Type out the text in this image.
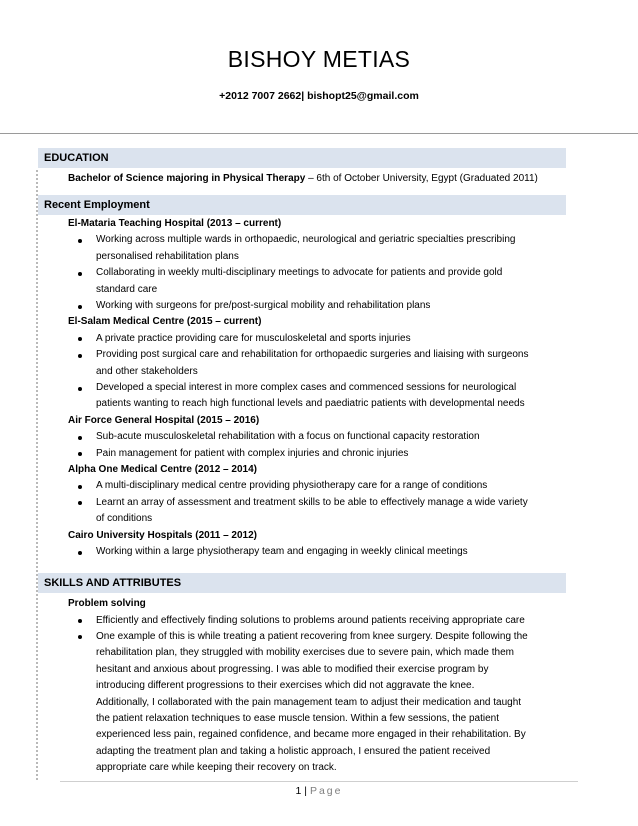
BISHOY METIAS
+2012 7007 2662| bishopt25@gmail.com
EDUCATION
Bachelor of Science majoring in Physical Therapy – 6th of October University, Egypt (Graduated 2011)
Recent Employment
El-Mataria Teaching Hospital (2013 – current)
Working across multiple wards in orthopaedic, neurological and geriatric specialties prescribing
personalised rehabilitation plans
Collaborating in weekly multi-disciplinary meetings to advocate for patients and provide gold
standard care
Working with surgeons for pre/post-surgical mobility and rehabilitation plans
El-Salam Medical Centre (2015 – current)
A private practice providing care for musculoskeletal and sports injuries
Providing post surgical care and rehabilitation for orthopaedic surgeries and liaising with surgeons
and other stakeholders
Developed a special interest in more complex cases and commenced sessions for neurological
patients wanting to reach high functional levels and paediatric patients with developmental needs
Air Force General Hospital (2015 – 2016)
Sub-acute musculoskeletal rehabilitation with a focus on functional capacity restoration
Pain management for patient with complex injuries and chronic injuries
Alpha One Medical Centre (2012 – 2014)
A multi-disciplinary medical centre providing physiotherapy care for a range of conditions
Learnt an array of assessment and treatment skills to be able to effectively manage a wide variety
of conditions
Cairo University Hospitals (2011 – 2012)
Working within a large physiotherapy team and engaging in weekly clinical meetings
SKILLS AND ATTRIBUTES
Problem solving
Efficiently and effectively finding solutions to problems around patients receiving appropriate care
One example of this is while treating a patient recovering from knee surgery. Despite following the
rehabilitation plan, they struggled with mobility exercises due to severe pain, which made them
hesitant and anxious about progressing. I was able to modified their exercise program by
introducing different progressions to their exercises which did not aggravate the knee.
Additionally, I collaborated with the pain management team to adjust their medication and taught
the patient relaxation techniques to ease muscle tension. Within a few sessions, the patient
experienced less pain, regained confidence, and became more engaged in their rehabilitation. By
adapting the treatment plan and taking a holistic approach, I ensured the patient received
appropriate care while keeping their recovery on track.
1 | Page
